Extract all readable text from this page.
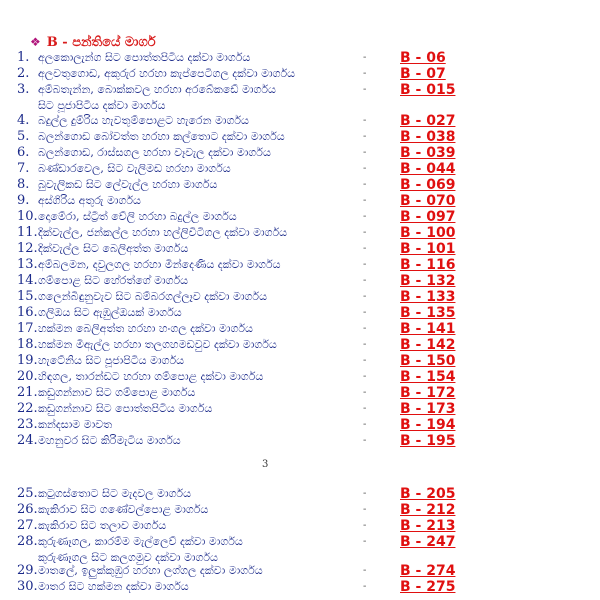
❖ B - පන්තියේ මාර්ග
1. අලකොලැන්ග සිට පොත්තපිටිය දක්වා මාර්ගය	- B - 06
2. අලවතුගොඩ, අකුරුර හරහා කැප්පෙටිගල දක්වා මාර්ගය	- B - 07
3. අම්බතැන්න, බොක්කවල හරහා අරබේකඩේ මාර්ගය
සිට පූජාපිටිය දක්වා මාර්ගය
- B - 015
4. බදුල්ල දුම්රිය හැවතුම්පොළට හැරෙන මාර්ගය	- B - 027
5. බලන්ගොඩ බෝවත්ත හරහා කල්තොට දක්වා මාර්ගය	- B - 038
6. බලන්ගොඩ, රාස්සගල හරහා වෑවැල දක්වා මාර්ගය	- B - 039
7. බණ්ඩාරවෙල, සිට වැලිමඩ හරහා මාර්ගය	- B - 044
8. බුවැලිකඩ සිට ලේවැල්ල හරහා මාර්ගය	- B - 069
9. අස්ගිරිය අතුරු මාර්ගය	- B - 070
10. දොමේරා, ස්ට්‍රීත් වේලි හරහා බදුල්ල මාර්ගය	- B - 097
11. දික්වැල්ල, ජන්කල්ල හරහා හල්ලිවිටිගල දක්වා මාර්ගය	- B - 100
12. දික්වැල්ල සිට බෙලිඅත්ත මාර්ගය	- B - 101
13. අම්බලමන, දවුලගල හරහා මින්දෙණිය දක්වා මාර්ගය	- B - 116
14. ගම්පොළ සිට හේරත්ගේ මාර්ගය	- B - 132
15. ගලෙන්බිඳුනුවැව සිට බම්බරගල්ලෑව දක්වා මාර්ගය	- B - 133
16. ගලිඔය සිට ඇඹුල්ඔයක් මාර්ගය	- B - 135
17. හක්මන බෙලිඅත්ත හරහා හංගල දක්වා මාර්ගය	- B - 141
18. හක්මන මිඇල්ල හරහා තලගහමඩවුව දක්වා මාර්ගය	- B - 142
19. හැටේනිය සිට පූජාපිටිය මාර්ගය	- B - 150
20. හිඳගල, තාරන්ඩට හරහා ගම්පොළ දක්වා මාර්ගය	- B - 154
21. කඩුගන්නාව සිට ගම්පොළ මාර්ගය	- B - 172
22. කඩුගන්නාව සිට පොත්තපිටිය මාර්ගය	- B - 173
23. කන්දසාම මාවත	- B - 194
24. මහනුවර සිට කිරිමැටිය මාර්ගය	- B - 195
25. කටුගස්තොට සිට මැදවල මාර්ගය	- B - 205
26. කැකිරාව සිට ගණේවල්පොළ මාර්ගය	- B - 212
27. කැකිරාව සිට තලාව මාර්ගය	- B - 213
28. කුරුණෑගල, කාරම්ම මැල්ලෙව් දක්වා මාර්ගය
කුරුණෑගල සිට කලගමුව දක්වා මාර්ගය
- B - 247
29. මාතලේ, ඉලුක්කුඹුර හරහා ලග්ගල දක්වා මාර්ගය	- B - 274
30. මාතර සිට හක්මන දක්වා මාර්ගය	- B - 275
3
